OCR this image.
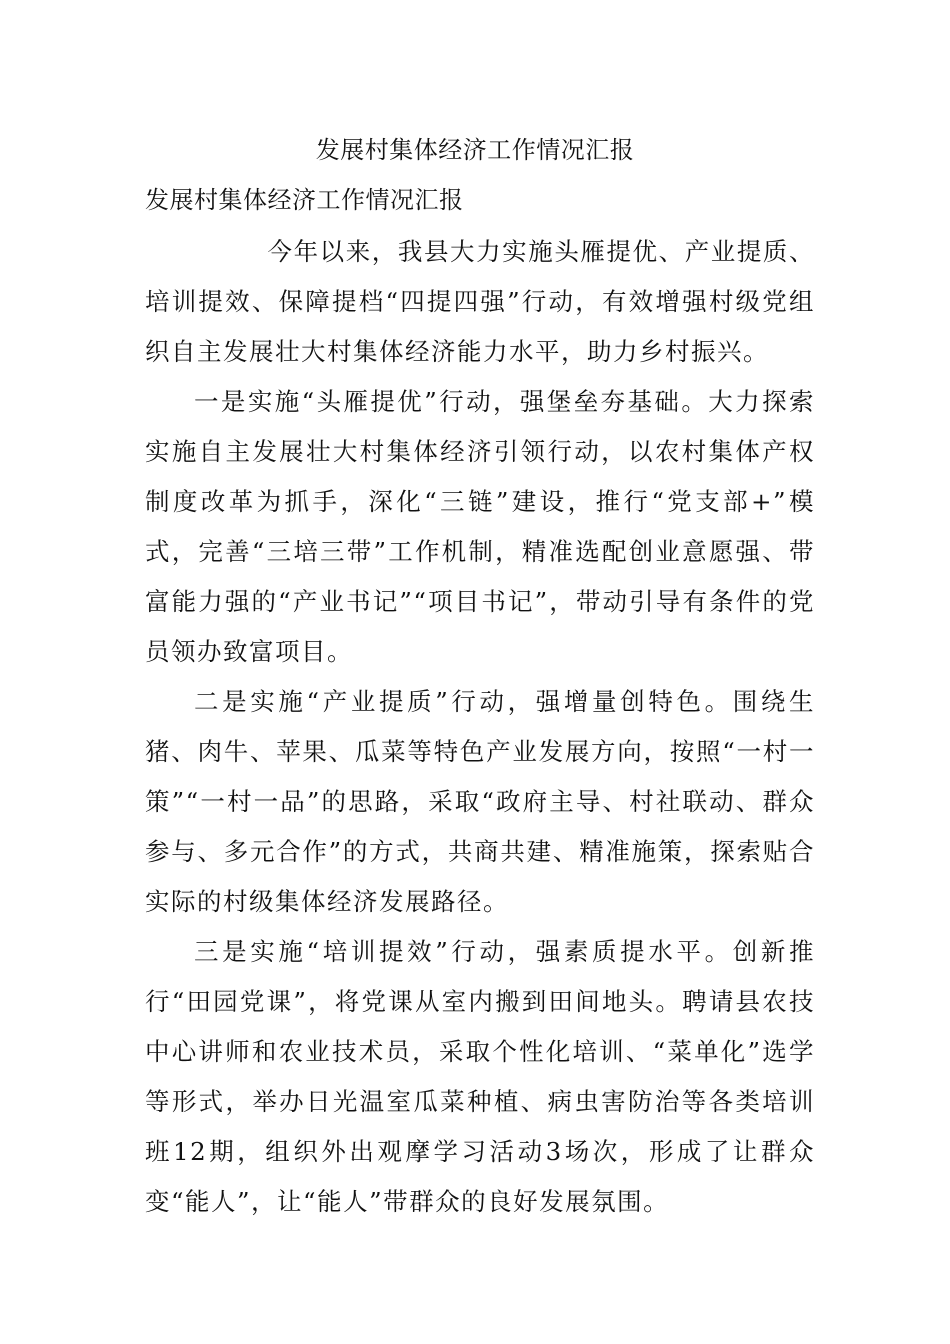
发展村集体经济工作情况汇报
发展村集体经济工作情况汇报

今年以来，我县大力实施头雁提优、产业提质、培训提效、保障提档“四提四强”行动，有效增强村级党组织自主发展壮大村集体经济能力水平，助力乡村振兴。

一是实施“头雁提优”行动，强堡垒夯基础。大力探索实施自主发展壮大村集体经济引领行动，以农村集体产权制度改革为抓手，深化“三链”建设，推行“党支部+”模式，完善“三培三带”工作机制，精准选配创业意愿强、带富能力强的“产业书记”“项目书记”，带动引导有条件的党员领办致富项目。

二是实施“产业提质”行动，强增量创特色。围绕生猪、肉牛、苹果、瓜菜等特色产业发展方向，按照“一村一策”“一村一品”的思路，采取“政府主导、村社联动、群众参与、多元合作”的方式，共商共建、精准施策，探索贴合实际的村级集体经济发展路径。

三是实施“培训提效”行动，强素质提水平。创新推行“田园党课”，将党课从室内搬到田间地头。聘请县农技中心讲师和农业技术员，采取个性化培训、“菜单化”选学等形式，举办日光温室瓜菜种植、病虫害防治等各类培训班12期，组织外出观摩学习活动3场次，形成了让群众变“能人”，让“能人”带群众的良好发展氛围。
